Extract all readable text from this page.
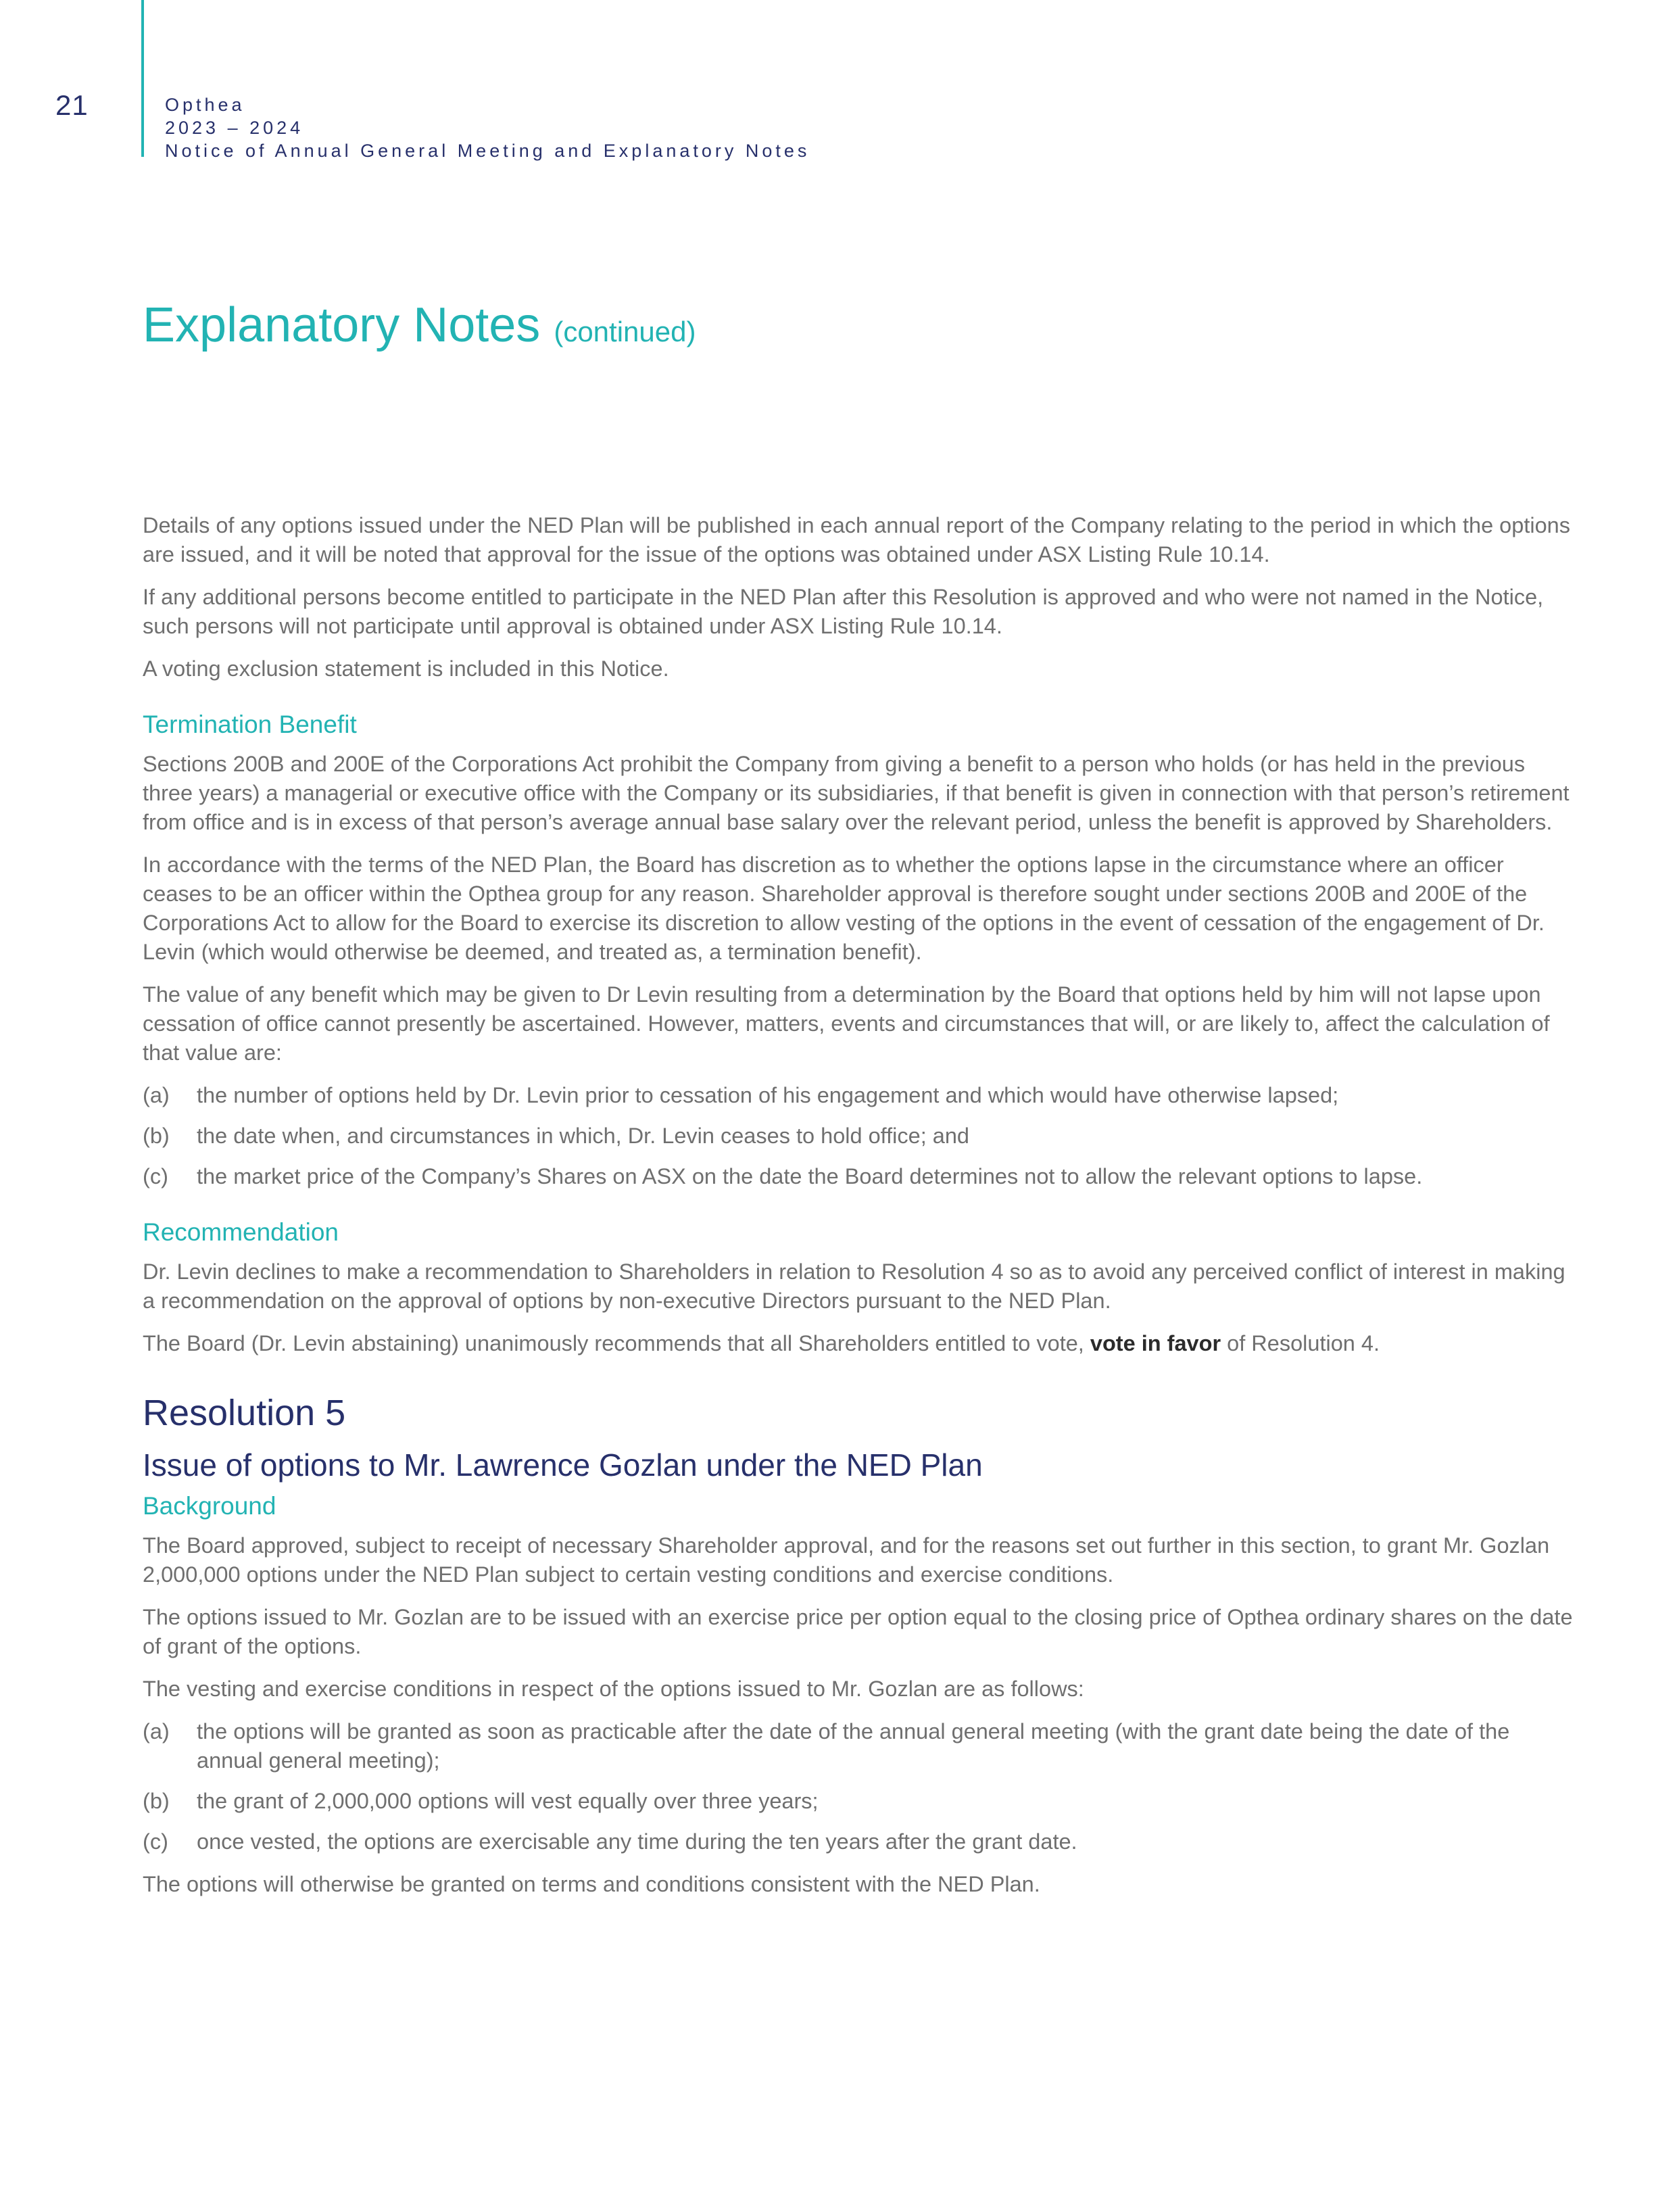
21	Opthea
2023 – 2024
Notice of Annual General Meeting and Explanatory Notes
Explanatory Notes (continued)

Details of any options issued under the NED Plan will be published in each annual report of the Company relating to the period in which the options are issued, and it will be noted that approval for the issue of the options was obtained under ASX Listing Rule 10.14.

If any additional persons become entitled to participate in the NED Plan after this Resolution is approved and who were not named in the Notice, such persons will not participate until approval is obtained under ASX Listing Rule 10.14.

A voting exclusion statement is included in this Notice.

Termination Benefit

Sections 200B and 200E of the Corporations Act prohibit the Company from giving a benefit to a person who holds (or has held in the previous three years) a managerial or executive office with the Company or its subsidiaries, if that benefit is given in connection with that person’s retirement from office and is in excess of that person’s average annual base salary over the relevant period, unless the benefit is approved by Shareholders.

In accordance with the terms of the NED Plan, the Board has discretion as to whether the options lapse in the circumstance where an officer ceases to be an officer within the Opthea group for any reason. Shareholder approval is therefore sought under sections 200B and 200E of the Corporations Act to allow for the Board to exercise its discretion to allow vesting of the options in the event of cessation of the engagement of Dr. Levin (which would otherwise be deemed, and treated as, a termination benefit).

The value of any benefit which may be given to Dr Levin resulting from a determination by the Board that options held by him will not lapse upon cessation of office cannot presently be ascertained. However, matters, events and circumstances that will, or are likely to, affect the calculation of that value are:

(a)	the number of options held by Dr. Levin prior to cessation of his engagement and which would have otherwise lapsed;
(b)	the date when, and circumstances in which, Dr. Levin ceases to hold office; and
(c)	the market price of the Company’s Shares on ASX on the date the Board determines not to allow the relevant options to lapse.
Recommendation

Dr. Levin declines to make a recommendation to Shareholders in relation to Resolution 4 so as to avoid any perceived conflict of interest in making a recommendation on the approval of options by non-executive Directors pursuant to the NED Plan.

The Board (Dr. Levin abstaining) unanimously recommends that all Shareholders entitled to vote, vote in favor of Resolution 4.

Resolution 5
Issue of options to Mr. Lawrence Gozlan under the NED Plan
Background

The Board approved, subject to receipt of necessary Shareholder approval, and for the reasons set out further in this section, to grant Mr. Gozlan 2,000,000 options under the NED Plan subject to certain vesting conditions and exercise conditions.

The options issued to Mr. Gozlan are to be issued with an exercise price per option equal to the closing price of Opthea ordinary shares on the date of grant of the options.

The vesting and exercise conditions in respect of the options issued to Mr. Gozlan are as follows:

(a)	the options will be granted as soon as practicable after the date of the annual general meeting (with the grant date being the date of the annual general meeting);
(b)	the grant of 2,000,000 options will vest equally over three years;
(c)	once vested, the options are exercisable any time during the ten years after the grant date.

The options will otherwise be granted on terms and conditions consistent with the NED Plan.
